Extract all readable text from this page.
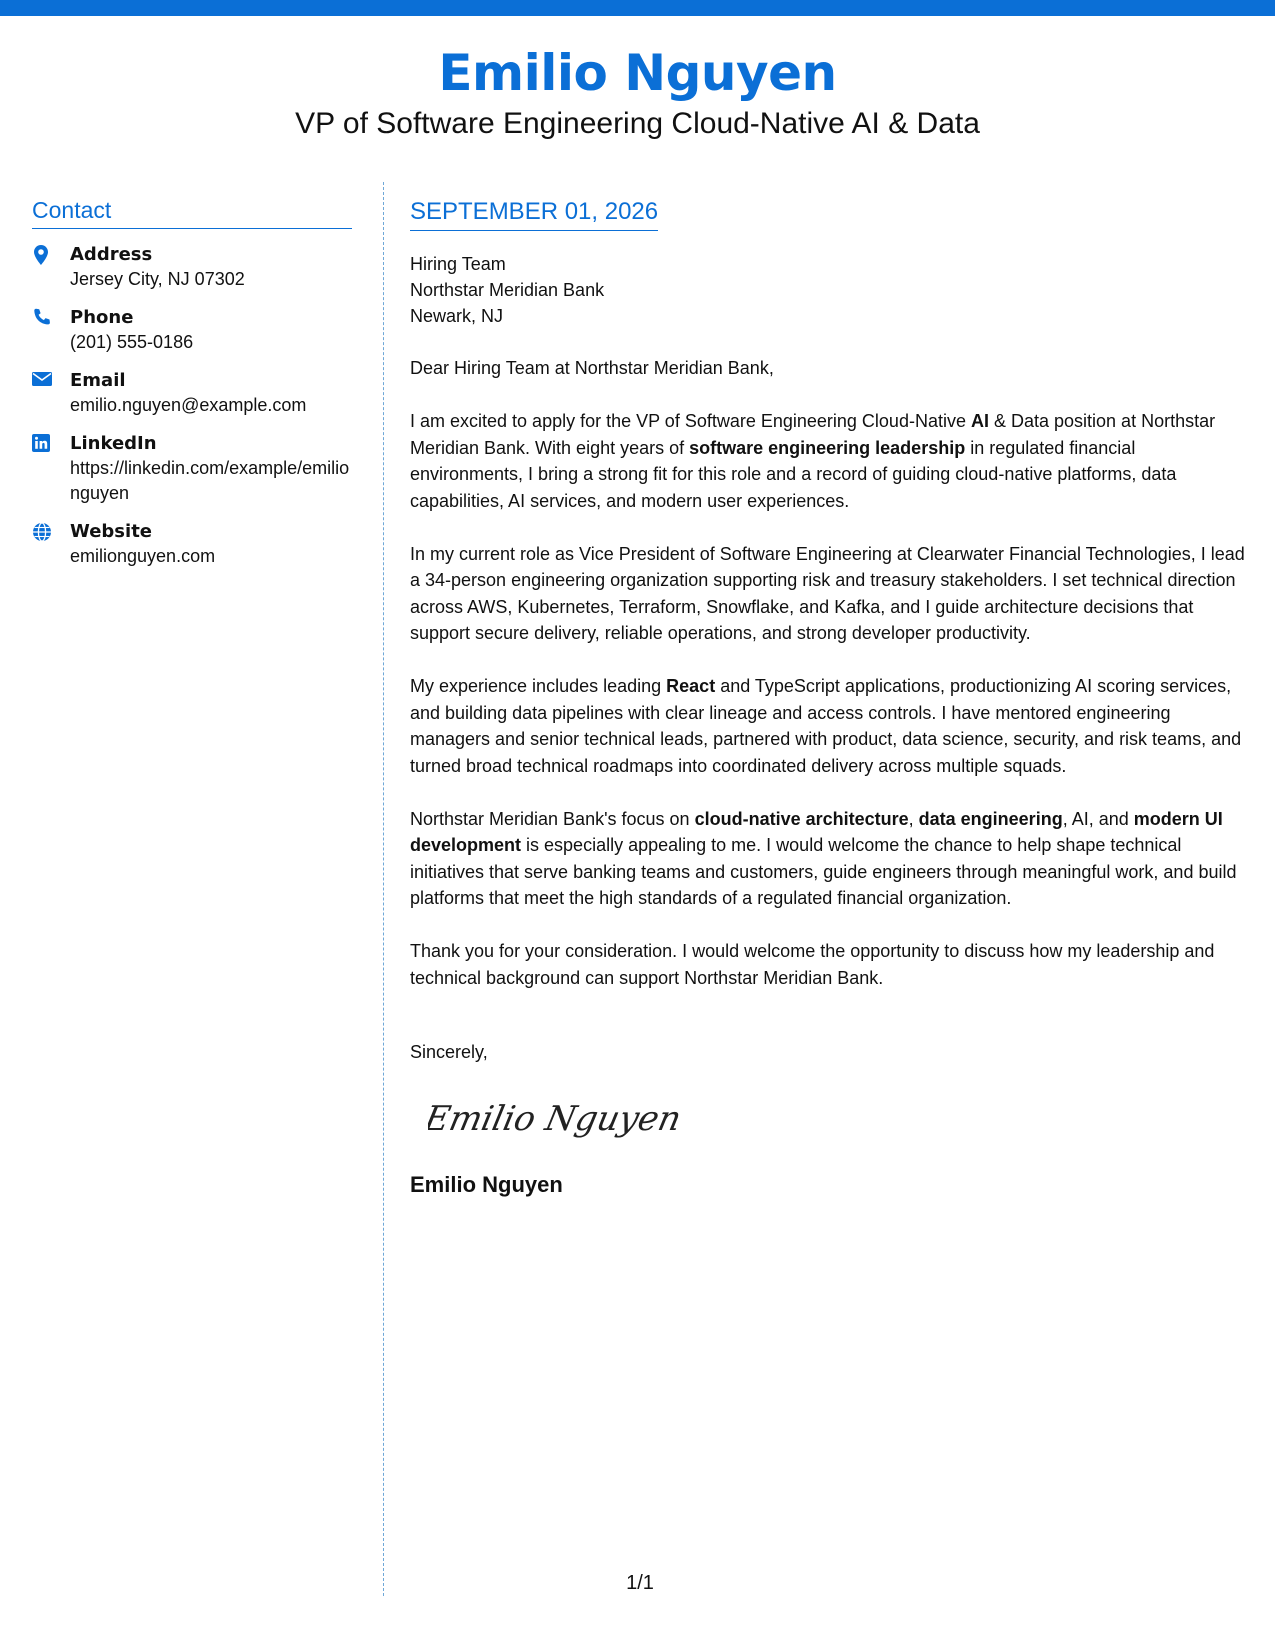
Emilio Nguyen
VP of Software Engineering Cloud-Native AI & Data
Contact
Address
Jersey City, NJ 07302
Phone
(201) 555-0186
Email
emilio.nguyen@example.com
LinkedIn
https://linkedin.com/example/emilionguyen
Website
emilionguyen.com
SEPTEMBER 01, 2026
Hiring Team
Northstar Meridian Bank
Newark, NJ

Dear Hiring Team at Northstar Meridian Bank,

I am excited to apply for the VP of Software Engineering Cloud-Native AI & Data position at Northstar Meridian Bank. With eight years of software engineering leadership in regulated financial environments, I bring a strong fit for this role and a record of guiding cloud-native platforms, data capabilities, AI services, and modern user experiences.

In my current role as Vice President of Software Engineering at Clearwater Financial Technologies, I lead a 34-person engineering organization supporting risk and treasury stakeholders. I set technical direction across AWS, Kubernetes, Terraform, Snowflake, and Kafka, and I guide architecture decisions that support secure delivery, reliable operations, and strong developer productivity.

My experience includes leading React and TypeScript applications, productionizing AI scoring services, and building data pipelines with clear lineage and access controls. I have mentored engineering managers and senior technical leads, partnered with product, data science, security, and risk teams, and turned broad technical roadmaps into coordinated delivery across multiple squads.

Northstar Meridian Bank's focus on cloud-native architecture, data engineering, AI, and modern UI development is especially appealing to me. I would welcome the chance to help shape technical initiatives that serve banking teams and customers, guide engineers through meaningful work, and build platforms that meet the high standards of a regulated financial organization.

Thank you for your consideration. I would welcome the opportunity to discuss how my leadership and technical background can support Northstar Meridian Bank.

Sincerely,
Emilio Nguyen
Emilio Nguyen
1/1
